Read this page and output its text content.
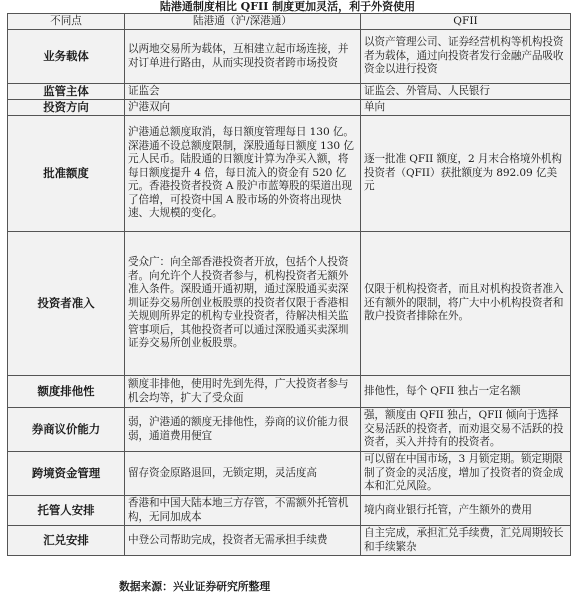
陆港通制度相比 QFII 制度更加灵活，利于外资使用
不同点	陆港通（沪/深港通）	QFII
业务载体	以两地交易所为载体，互相建立起市场连接，并对订单进行路由，从而实现投资者跨市场投资	以资产管理公司、证券经营机构等机构投资者为载体，通过向投资者发行金融产品吸收资金以进行投资
监管主体	证监会	证监会、外管局、人民银行
投资方向	沪港双向	单向
批准额度	沪港通总额度取消，每日额度管理每日 130 亿。深港通不设总额度限制，深股通每日额度 130 亿元人民币。陆股通的日额度计算为净买入额，将每日额度提升 4 倍，每日流入的资金有 520 亿元。香港投资者投资 A 股沪市蓝筹股的渠道出现了倍增，可投资中国 A 股市场的外资将出现快速、大规模的变化。	逐一批准 QFII 额度，2 月末合格境外机构投资者（QFII）获批额度为 892.09 亿美元
投资者准入	受众广：向全部香港投资者开放，包括个人投资者。向允许个人投资者参与，机构投资者无额外准入条件。深股通开通初期，通过深股通买卖深圳证券交易所创业板股票的投资者仅限于香港相关规则所界定的机构专业投资者，待解决相关监管事项后，其他投资者可以通过深股通买卖深圳证券交易所创业板股票。	仅限于机构投资者，而且对机构投资者准入还有额外的限制，将广大中小机构投资者和散户投资者排除在外。
额度排他性	额度非排他，使用时先到先得，广大投资者参与机会均等，扩大了受众面	排他性，每个 QFII 独占一定名额
券商议价能力	弱，沪港通的额度无排他性，券商的议价能力很弱，通道费用便宜	强，额度由 QFII 独占，QFII 倾向于选择交易活跃的投资者，而劝退交易不活跃的投资者，买入并持有的投资者。
跨境资金管理	留存资金原路退回，无锁定期，灵活度高	可以留在中国市场，3 月锁定期。锁定期限制了资金的灵活度，增加了投资者的资金成本和汇兑风险。
托管人安排	香港和中国大陆本地三方存管，不需额外托管机构，无同加成本	境内商业银行托管，产生额外的费用
汇兑安排	中登公司帮助完成，投资者无需承担手续费	自主完成，承担汇兑手续费，汇兑周期较长和手续繁杂
数据来源：兴业证券研究所整理
